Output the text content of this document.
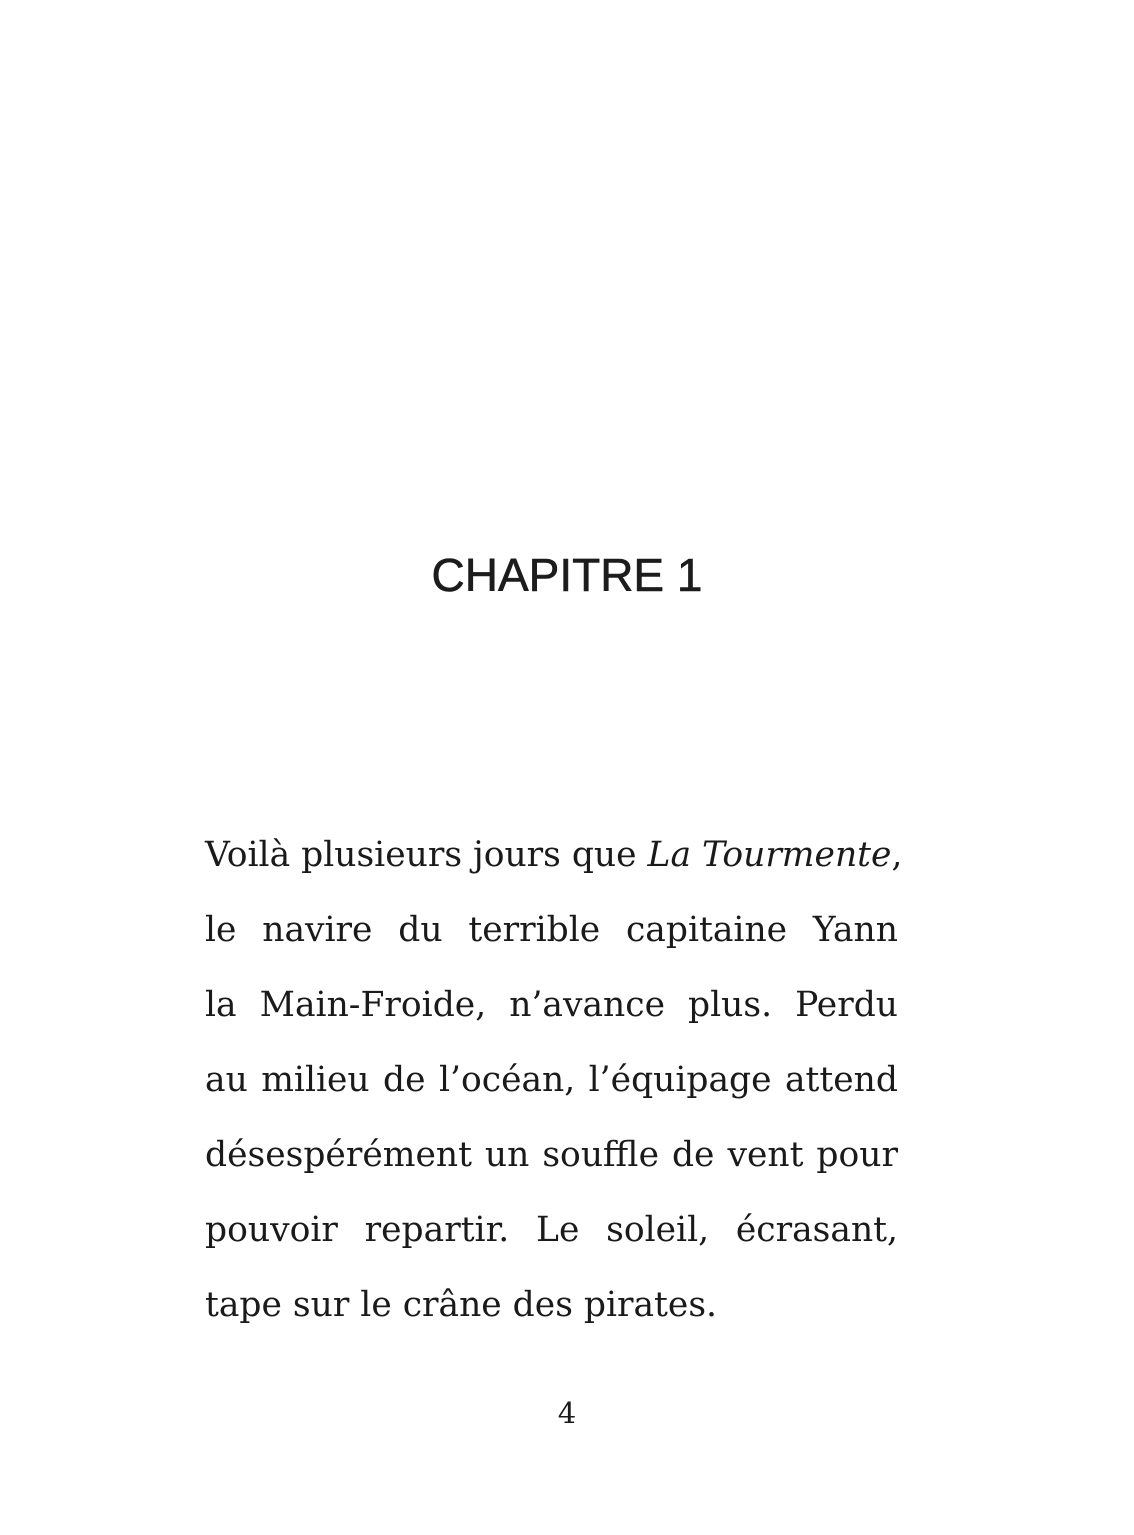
CHAPITRE 1
Voilà plusieurs jours que La Tourmente,
le navire du terrible capitaine Yann
la Main-Froide, n’avance plus. Perdu
au milieu de l’océan, l’équipage attend
désespérément un souffle de vent pour
pouvoir repartir. Le soleil, écrasant,
tape sur le crâne des pirates.
4
